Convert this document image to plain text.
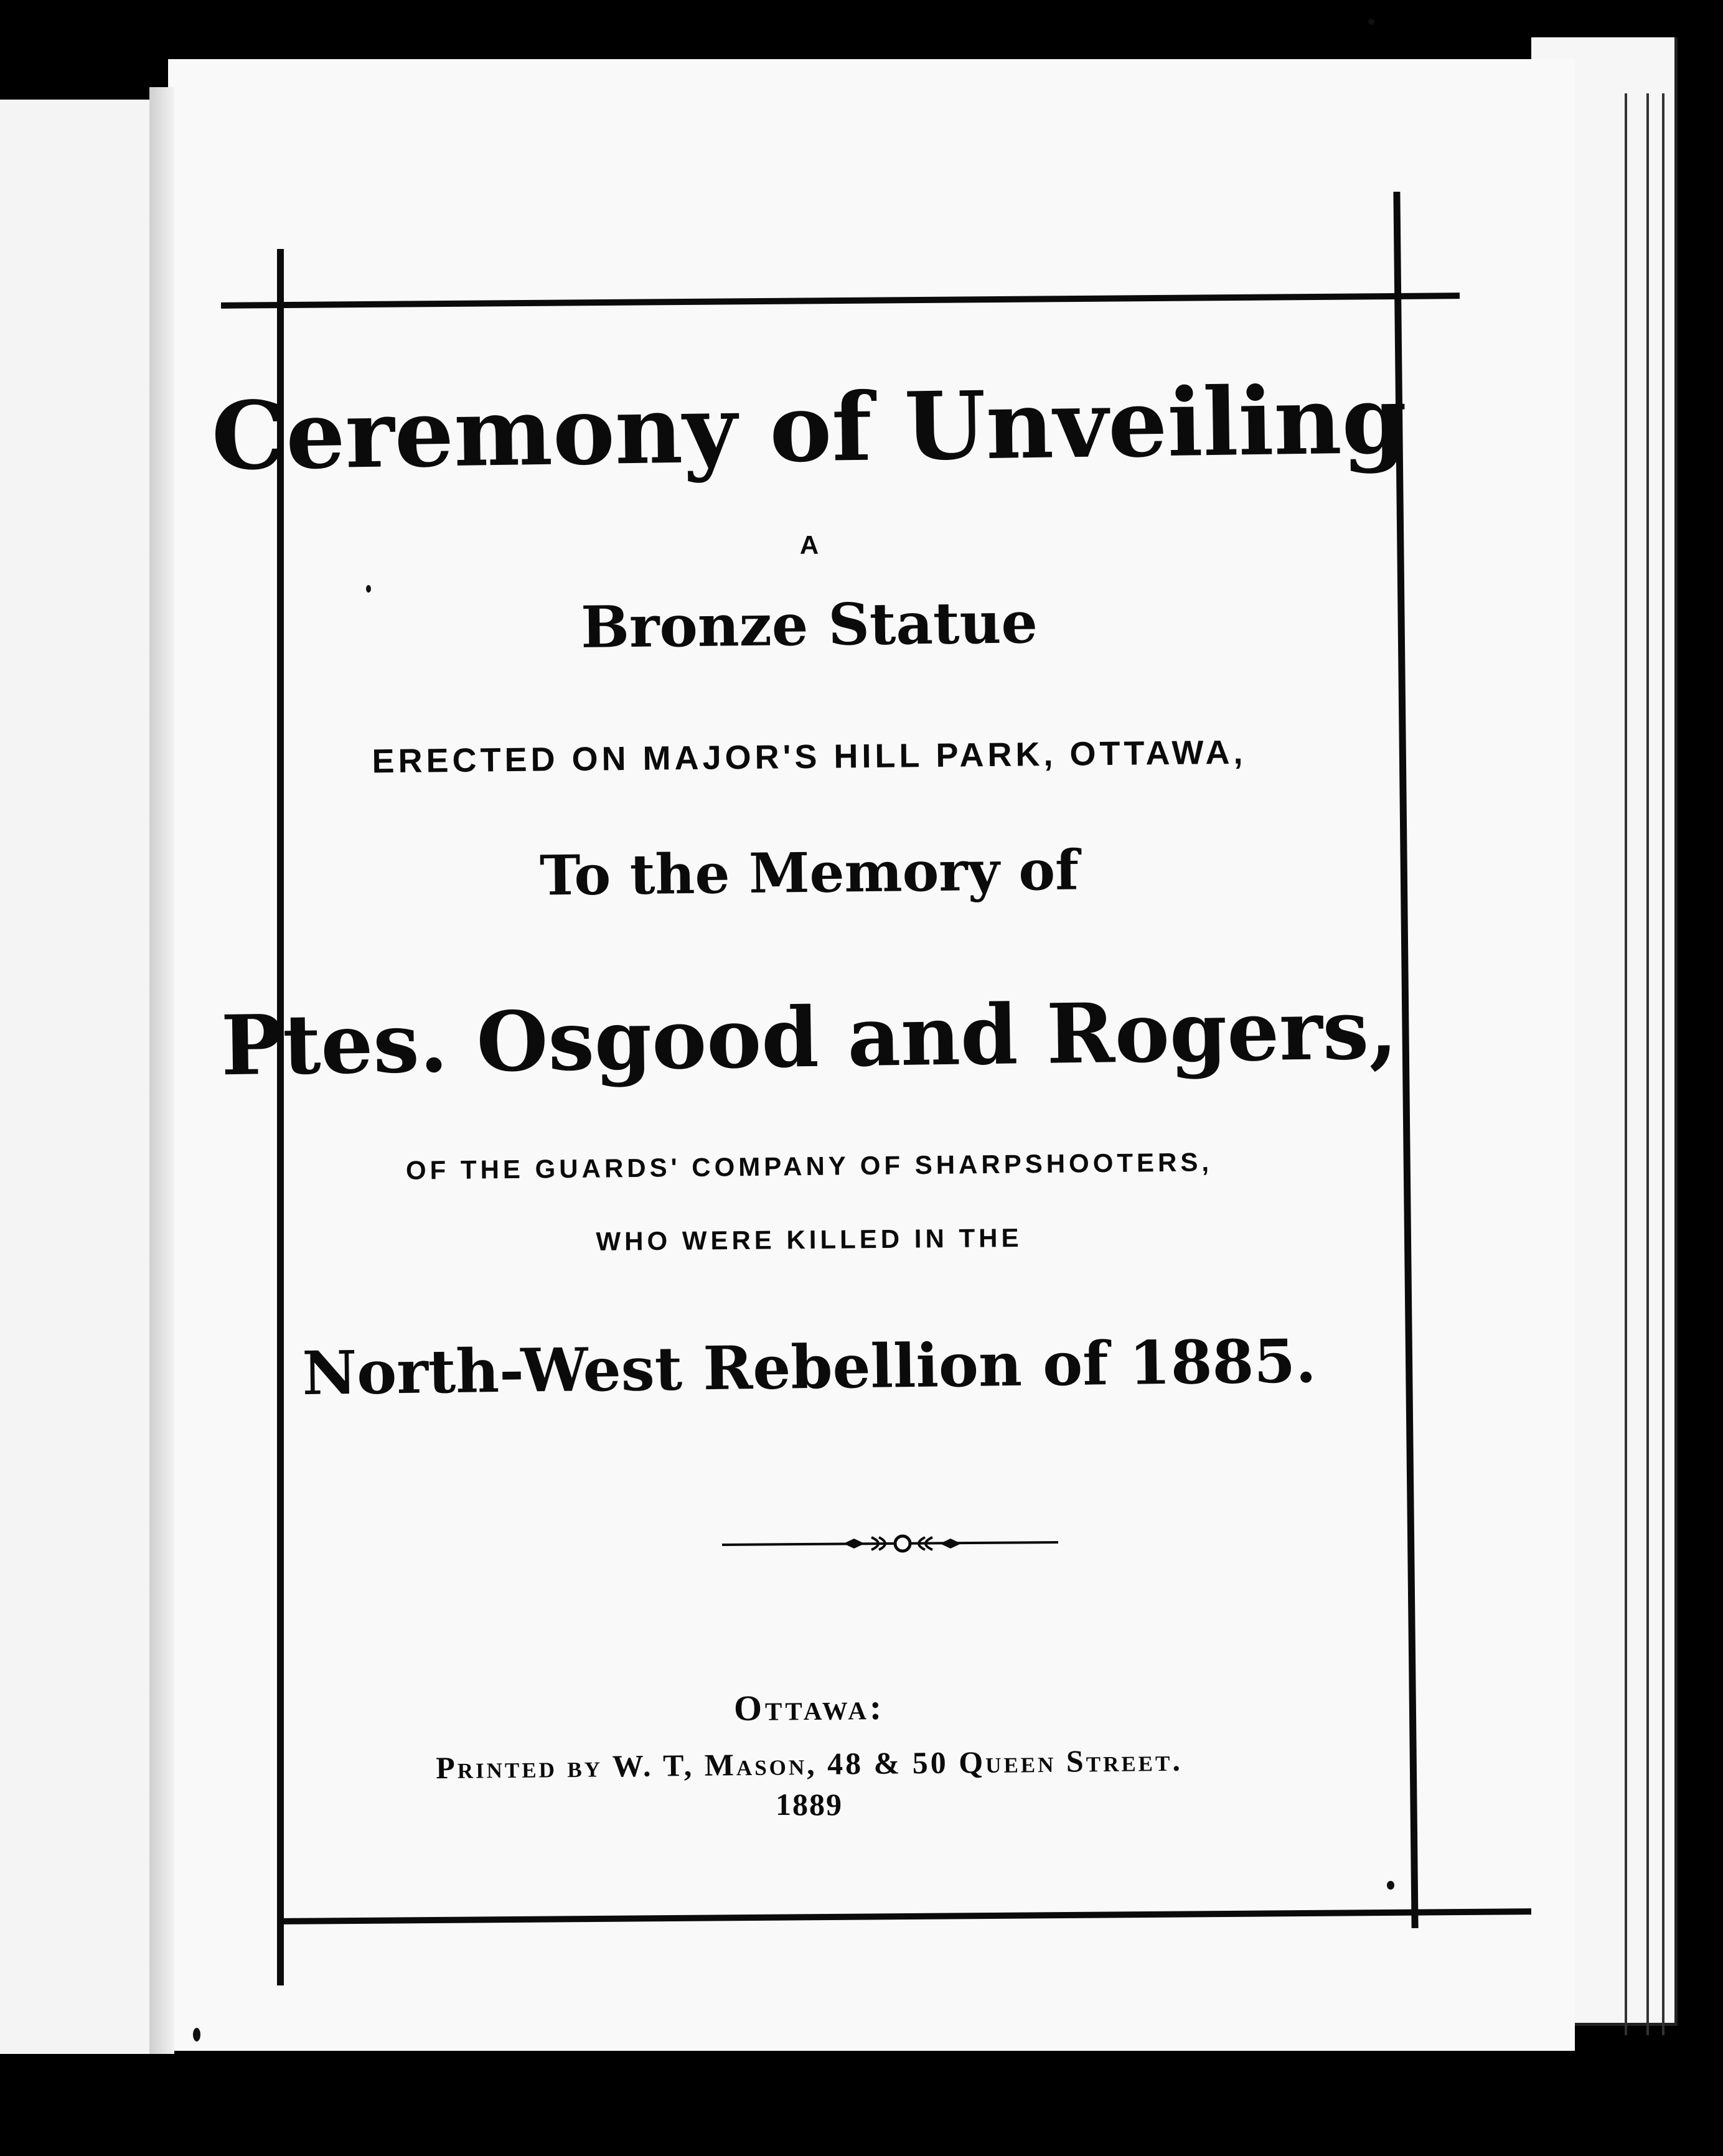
Ceremony of Unveiling
A
Bronze Statue
ERECTED ON MAJOR'S HILL PARK, OTTAWA,
To the Memory of
Ptes. Osgood and Rogers,
OF THE GUARDS' COMPANY OF SHARPSHOOTERS,
WHO WERE KILLED IN THE
North-West Rebellion of 1885.
Ottawa:
Printed by W. T, Mason, 48 & 50 Queen Street.
1889
